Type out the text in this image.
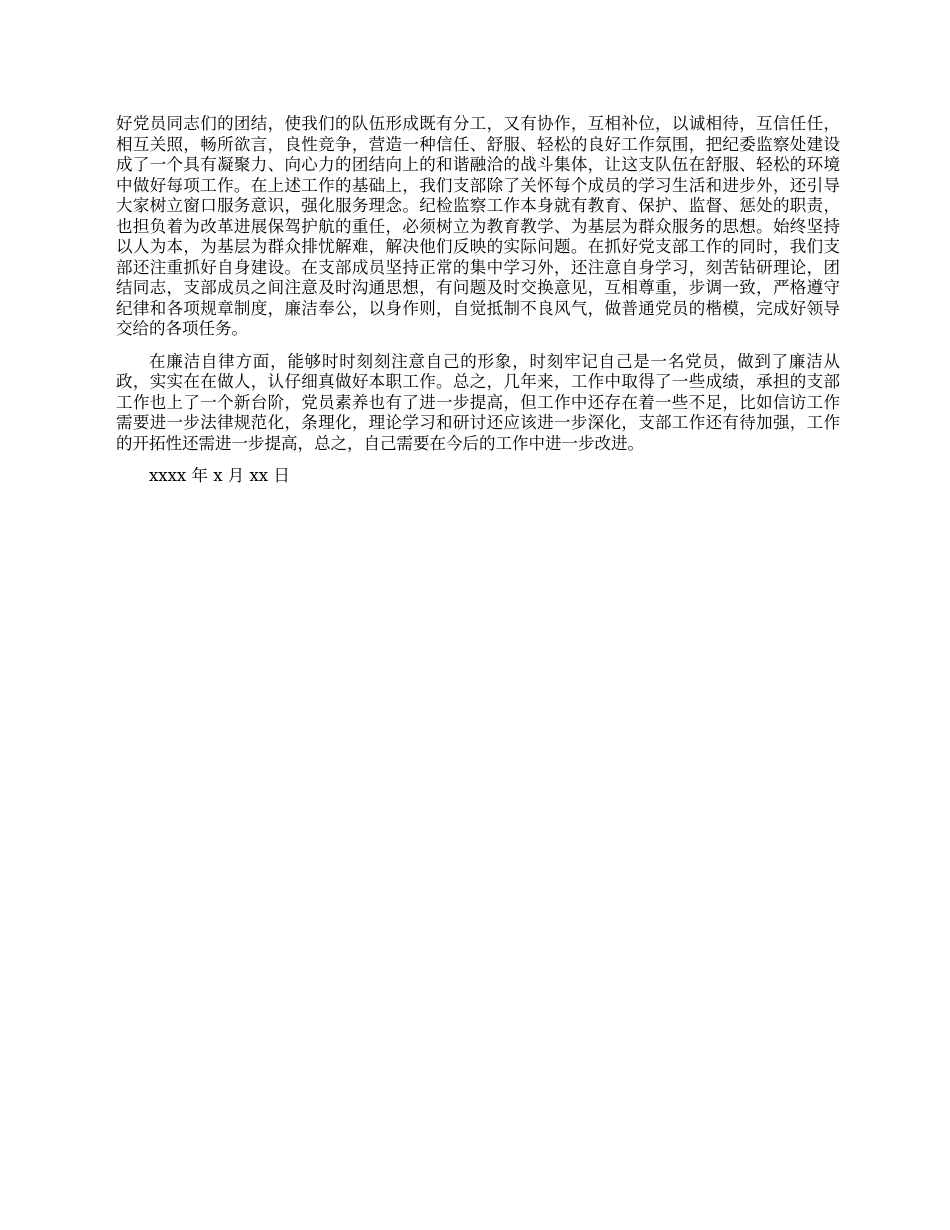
好党员同志们的团结，使我们的队伍形成既有分工，又有协作，互相补位，以诚相待，互信任任，相互关照，畅所欲言，良性竞争，营造一种信任、舒服、轻松的良好工作氛围，把纪委监察处建设成了一个具有凝聚力、向心力的团结向上的和谐融洽的战斗集体，让这支队伍在舒服、轻松的环境中做好每项工作。在上述工作的基础上，我们支部除了关怀每个成员的学习生活和进步外，还引导大家树立窗口服务意识，强化服务理念。纪检监察工作本身就有教育、保护、监督、惩处的职责，也担负着为改革进展保驾护航的重任，必须树立为教育教学、为基层为群众服务的思想。始终坚持以人为本，为基层为群众排忧解难，解决他们反映的实际问题。在抓好党支部工作的同时，我们支部还注重抓好自身建设。在支部成员坚持正常的集中学习外，还注意自身学习，刻苦钻研理论，团结同志，支部成员之间注意及时沟通思想，有问题及时交换意见，互相尊重，步调一致，严格遵守纪律和各项规章制度，廉洁奉公，以身作则，自觉抵制不良风气，做普通党员的楷模，完成好领导交给的各项任务。

在廉洁自律方面，能够时时刻刻注意自己的形象，时刻牢记自己是一名党员，做到了廉洁从政，实实在在做人，认仔细真做好本职工作。总之，几年来，工作中取得了一些成绩，承担的支部工作也上了一个新台阶，党员素养也有了进一步提高，但工作中还存在着一些不足，比如信访工作需要进一步法律规范化，条理化，理论学习和研讨还应该进一步深化，支部工作还有待加强，工作的开拓性还需进一步提高，总之，自己需要在今后的工作中进一步改进。

xxxx 年 x 月 xx 日
